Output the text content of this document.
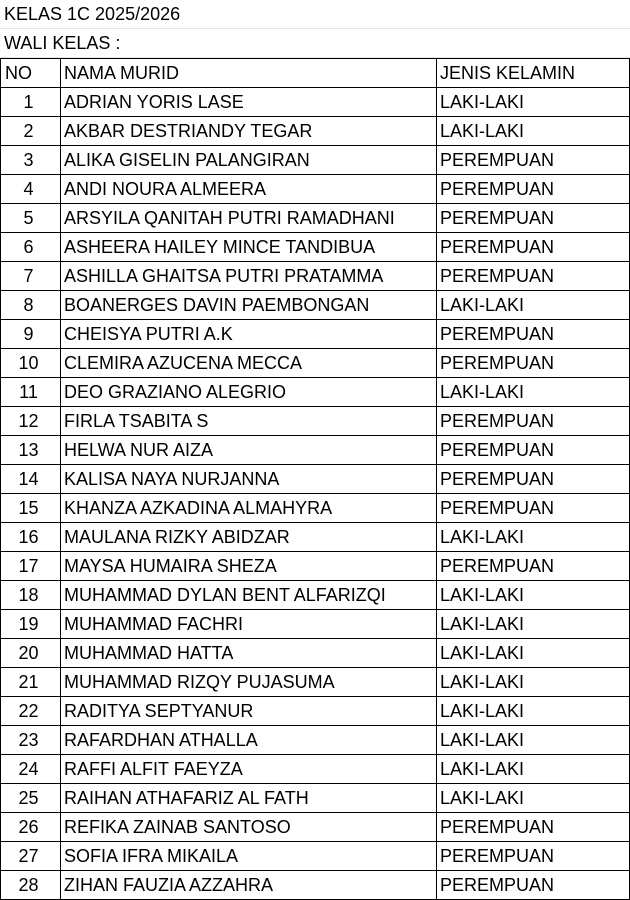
KELAS 1C 2025/2026
WALI KELAS :
NO	NAMA MURID	JENIS KELAMIN
1	ADRIAN YORIS LASE	LAKI-LAKI
2	AKBAR DESTRIANDY TEGAR	LAKI-LAKI
3	ALIKA GISELIN PALANGIRAN	PEREMPUAN
4	ANDI NOURA ALMEERA	PEREMPUAN
5	ARSYILA QANITAH PUTRI RAMADHANI	PEREMPUAN
6	ASHEERA HAILEY MINCE TANDIBUA	PEREMPUAN
7	ASHILLA GHAITSA PUTRI PRATAMMA	PEREMPUAN
8	BOANERGES DAVIN PAEMBONGAN	LAKI-LAKI
9	CHEISYA PUTRI A.K	PEREMPUAN
10	CLEMIRA AZUCENA MECCA	PEREMPUAN
11	DEO GRAZIANO ALEGRIO	LAKI-LAKI
12	FIRLA TSABITA S	PEREMPUAN
13	HELWA NUR AIZA	PEREMPUAN
14	KALISA NAYA NURJANNA	PEREMPUAN
15	KHANZA AZKADINA ALMAHYRA	PEREMPUAN
16	MAULANA RIZKY ABIDZAR	LAKI-LAKI
17	MAYSA HUMAIRA SHEZA	PEREMPUAN
18	MUHAMMAD DYLAN BENT ALFARIZQI	LAKI-LAKI
19	MUHAMMAD FACHRI	LAKI-LAKI
20	MUHAMMAD HATTA	LAKI-LAKI
21	MUHAMMAD RIZQY PUJASUMA	LAKI-LAKI
22	RADITYA SEPTYANUR	LAKI-LAKI
23	RAFARDHAN ATHALLA	LAKI-LAKI
24	RAFFI ALFIT FAEYZA	LAKI-LAKI
25	RAIHAN ATHAFARIZ AL FATH	LAKI-LAKI
26	REFIKA ZAINAB SANTOSO	PEREMPUAN
27	SOFIA IFRA MIKAILA	PEREMPUAN
28	ZIHAN FAUZIA AZZAHRA	PEREMPUAN
